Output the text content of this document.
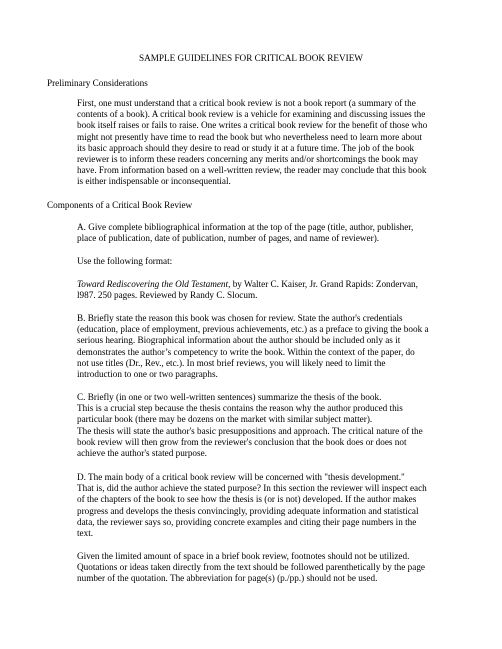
SAMPLE GUIDELINES FOR CRITICAL BOOK REVIEW
Preliminary Considerations

First, one must understand that a critical book review is not a book report (a summary of the

contents of a book). A critical book review is a vehicle for examining and discussing issues the

book itself raises or fails to raise. One writes a critical book review for the benefit of those who

might not presently have time to read the book but who nevertheless need to learn more about

its basic approach should they desire to read or study it at a future time. The job of the book

reviewer is to inform these readers concerning any merits and/or shortcomings the book may

have. From information based on a well-written review, the reader may conclude that this book

is either indispensable or inconsequential.

Components of a Critical Book Review

A. Give complete bibliographical information at the top of the page (title, author, publisher,

place of publication, date of publication, number of pages, and name of reviewer).

Use the following format:

Toward Rediscovering the Old Testament, by Walter C. Kaiser, Jr. Grand Rapids: Zondervan,

l987. 250 pages. Reviewed by Randy C. Slocum.

B. Briefly state the reason this book was chosen for review. State the author's credentials

(education, place of employment, previous achievements, etc.) as a preface to giving the book a

serious hearing. Biographical information about the author should be included only as it

demonstrates the author’s competency to write the book. Within the context of the paper, do

not use titles (Dr., Rev., etc.). In most brief reviews, you will likely need to limit the

introduction to one or two paragraphs.

C. Briefly (in one or two well-written sentences) summarize the thesis of the book.

This is a crucial step because the thesis contains the reason why the author produced this

particular book (there may be dozens on the market with similar subject matter).

The thesis will state the author's basic presuppositions and approach. The critical nature of the

book review will then grow from the reviewer's conclusion that the book does or does not

achieve the author's stated purpose.

D. The main body of a critical book review will be concerned with "thesis development."

That is, did the author achieve the stated purpose? In this section the reviewer will inspect each

of the chapters of the book to see how the thesis is (or is not) developed. If the author makes

progress and develops the thesis convincingly, providing adequate information and statistical

data, the reviewer says so, providing concrete examples and citing their page numbers in the

text.

Given the limited amount of space in a brief book review, footnotes should not be utilized.

Quotations or ideas taken directly from the text should be followed parenthetically by the page

number of the quotation. The abbreviation for page(s) (p./pp.) should not be used.
